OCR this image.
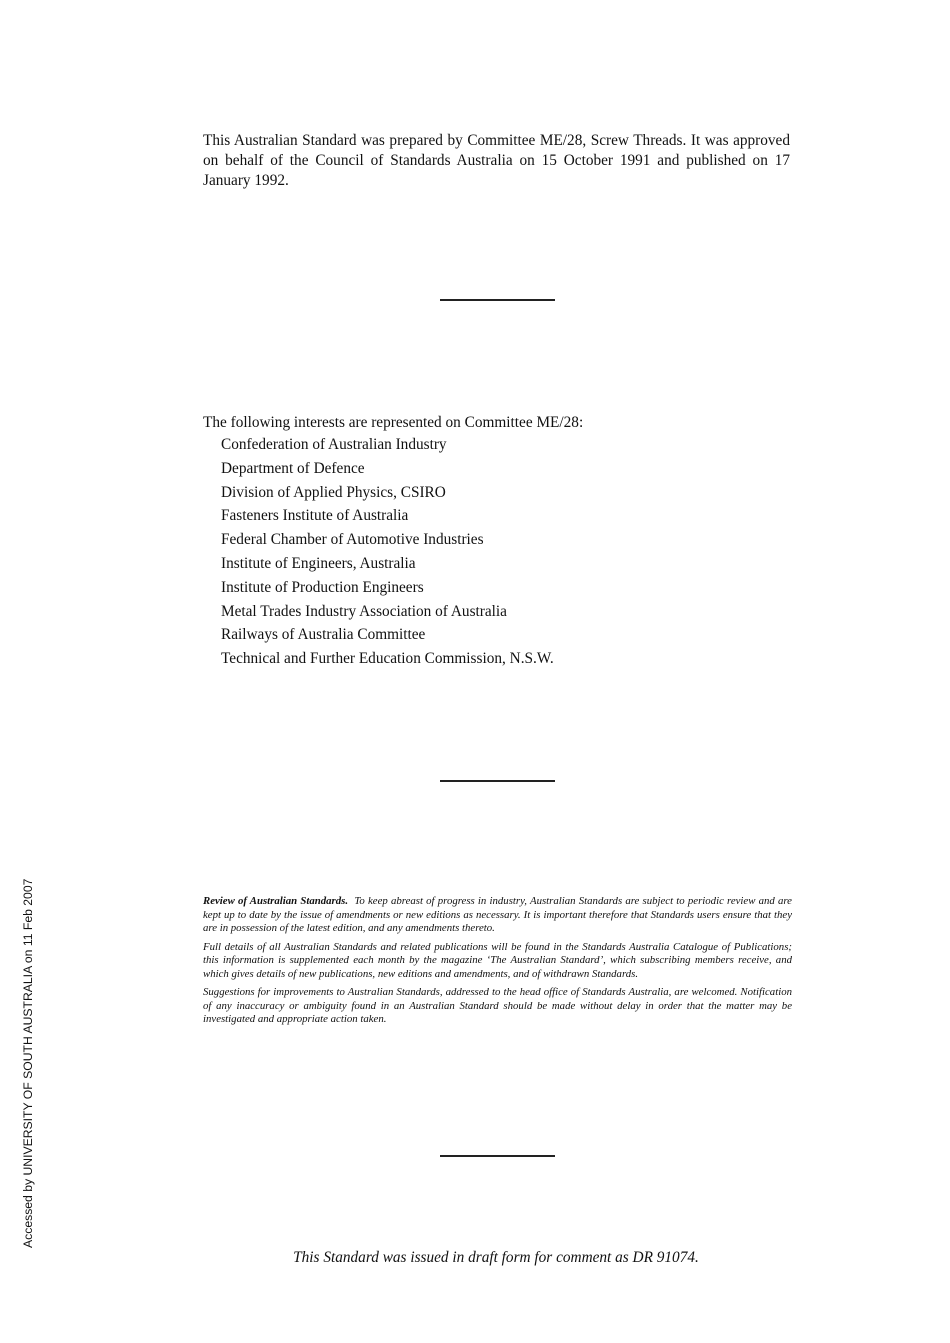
This Australian Standard was prepared by Committee ME/28, Screw Threads. It was approved on behalf of the Council of Standards Australia on 15 October 1991 and published on 17 January 1992.

The following interests are represented on Committee ME/28:

Confederation of Australian Industry
Department of Defence
Division of Applied Physics, CSIRO
Fasteners Institute of Australia
Federal Chamber of Automotive Industries
Institute of Engineers, Australia
Institute of Production Engineers
Metal Trades Industry Association of Australia
Railways of Australia Committee
Technical and Further Education Commission, N.S.W.

Review of Australian Standards. To keep abreast of progress in industry, Australian Standards are subject to periodic review and are kept up to date by the issue of amendments or new editions as necessary. It is important therefore that Standards users ensure that they are in possession of the latest edition, and any amendments thereto.

Full details of all Australian Standards and related publications will be found in the Standards Australia Catalogue of Publications; this information is supplemented each month by the magazine ‘The Australian Standard’, which subscribing members receive, and which gives details of new publications, new editions and amendments, and of withdrawn Standards.

Suggestions for improvements to Australian Standards, addressed to the head office of Standards Australia, are welcomed. Notification of any inaccuracy or ambiguity found in an Australian Standard should be made without delay in order that the matter may be investigated and appropriate action taken.

This Standard was issued in draft form for comment as DR 91074.

Accessed by UNIVERSITY OF SOUTH AUSTRALIA on 11 Feb 2007
